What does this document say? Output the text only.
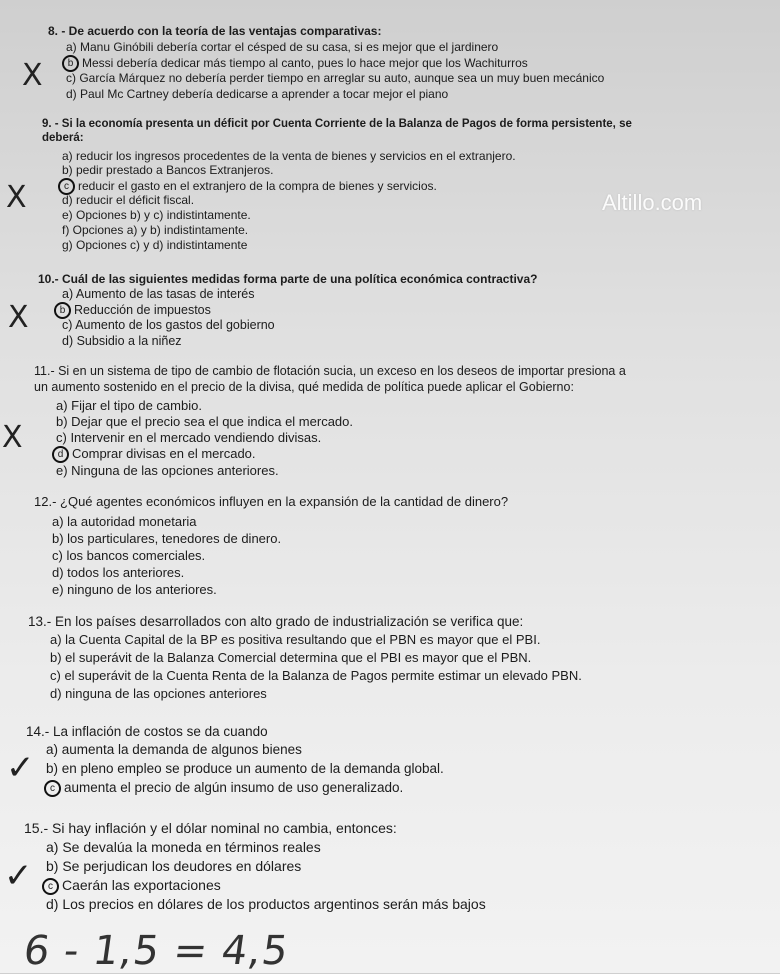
8. - De acuerdo con la teoría de las ventajas comparativas:
a) Manu Ginóbili debería cortar el césped de su casa, si es mejor que el jardinero
b Messi debería dedicar más tiempo al canto, pues lo hace mejor que los Wachiturros
c) García Márquez no debería perder tiempo en arreglar su auto, aunque sea un muy buen mecánico
d) Paul Mc Cartney debería dedicarse a aprender a tocar mejor el piano
X
9. - Si la economía presenta un déficit por Cuenta Corriente de la Balanza de Pagos de forma persistente, se
deberá:
a) reducir los ingresos procedentes de la venta de bienes y servicios en el extranjero.
b) pedir prestado a Bancos Extranjeros.
c reducir el gasto en el extranjero de la compra de bienes y servicios.
d) reducir el déficit fiscal.
e) Opciones b) y c) indistintamente.
f) Opciones a) y b) indistintamente.
g) Opciones c) y d) indistintamente
X	Altillo.com
10.- Cuál de las siguientes medidas forma parte de una política económica contractiva?
a) Aumento de las tasas de interés
b Reducción de impuestos
c) Aumento de los gastos del gobierno
d) Subsidio a la niñez
X
11.- Si en un sistema de tipo de cambio de flotación sucia, un exceso en los deseos de importar presiona a
un aumento sostenido en el precio de la divisa, qué medida de política puede aplicar el Gobierno:
a) Fijar el tipo de cambio.
b) Dejar que el precio sea el que indica el mercado.
c) Intervenir en el mercado vendiendo divisas.
d Comprar divisas en el mercado.
e) Ninguna de las opciones anteriores.
X
12.- ¿Qué agentes económicos influyen en la expansión de la cantidad de dinero?
a) la autoridad monetaria
b) los particulares, tenedores de dinero.
c) los bancos comerciales.
d) todos los anteriores.
e) ninguno de los anteriores.
13.- En los países desarrollados con alto grado de industrialización se verifica que:
a) la Cuenta Capital de la BP es positiva resultando que el PBN es mayor que el PBI.
b) el superávit de la Balanza Comercial determina que el PBI es mayor que el PBN.
c) el superávit de la Cuenta Renta de la Balanza de Pagos permite estimar un elevado PBN.
d) ninguna de las opciones anteriores
14.- La inflación de costos se da cuando
a) aumenta la demanda de algunos bienes
b) en pleno empleo se produce un aumento de la demanda global.
c aumenta el precio de algún insumo de uso generalizado.
✓
15.- Si hay inflación y el dólar nominal no cambia, entonces:
a) Se devalúa la moneda en términos reales
b) Se perjudican los deudores en dólares
c Caerán las exportaciones
d) Los precios en dólares de los productos argentinos serán más bajos
✓
6 - 1,5 = 4,5
